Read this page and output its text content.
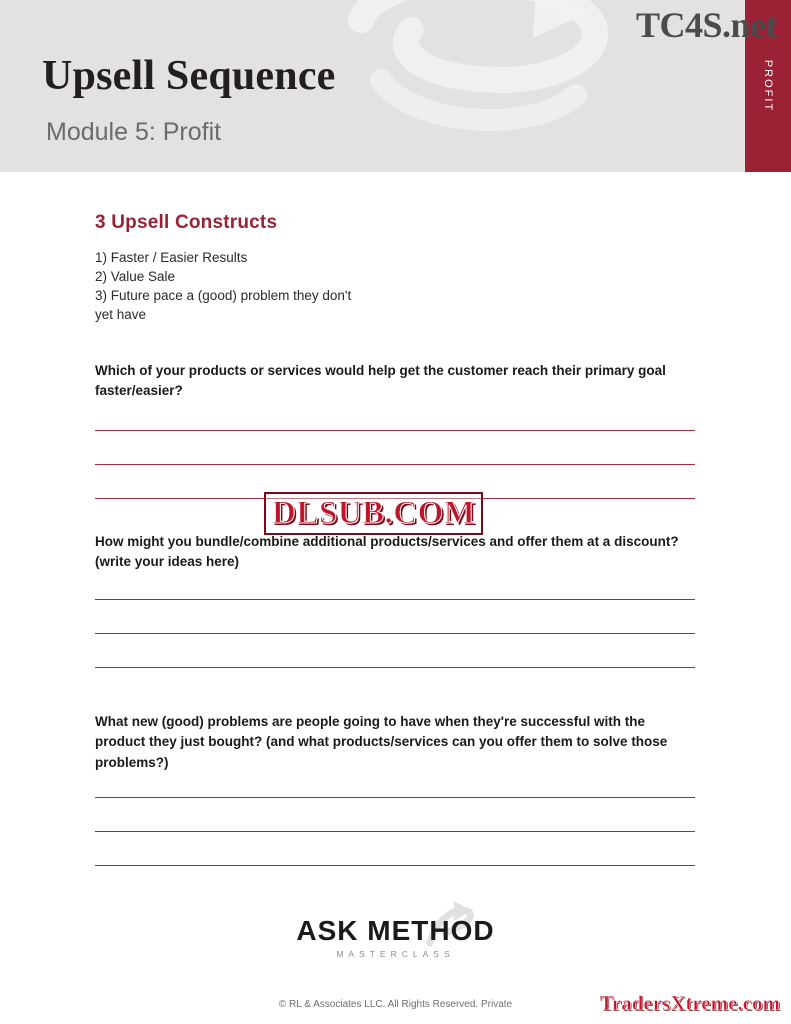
TC4S.net
Upsell Sequence
Module 5: Profit
PROFIT
3 Upsell Constructs
1) Faster / Easier Results
2) Value Sale
3) Future pace a (good) problem they don't
yet have

Which of your products or services would help get the customer reach their primary goal faster/easier?

How might you bundle/combine additional products/services and offer them at a discount? (write your ideas here)

What new (good) problems are people going to have when they're successful with the product they just bought? (and what products/services can you offer them to solve those problems?)

DLSUB.COM
ASK METHOD
MASTERCLASS
© RL & Associates LLC. All Rights Reserved. Private	TradersXtreme.com
